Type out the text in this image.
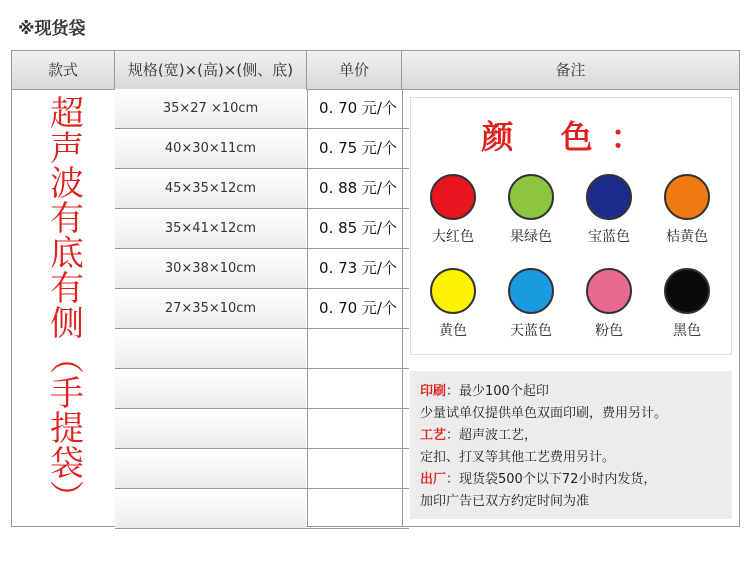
※现货袋
款式	规格(宽)×(高)×(侧、底)	单价	备注
超声波有底有侧（手提袋）	35×27 ×10cm	0. 70 元/个
40×30×11cm	0. 75 元/个
45×35×12cm	0. 88 元/个
35×41×12cm	0. 85 元/个
30×38×10cm	0. 73 元/个
27×35×10cm	0. 70 元/个
颜 色：
大红色	果绿色	宝蓝色	桔黄色
黄色	天蓝色	粉色	黑色
印刷：最少100个起印
少量试单仅提供单色双面印刷，费用另计。
工艺：超声波工艺，
定扣、打叉等其他工艺费用另计。
出厂：现货袋500个以下72小时内发货，
加印广告已双方约定时间为准
